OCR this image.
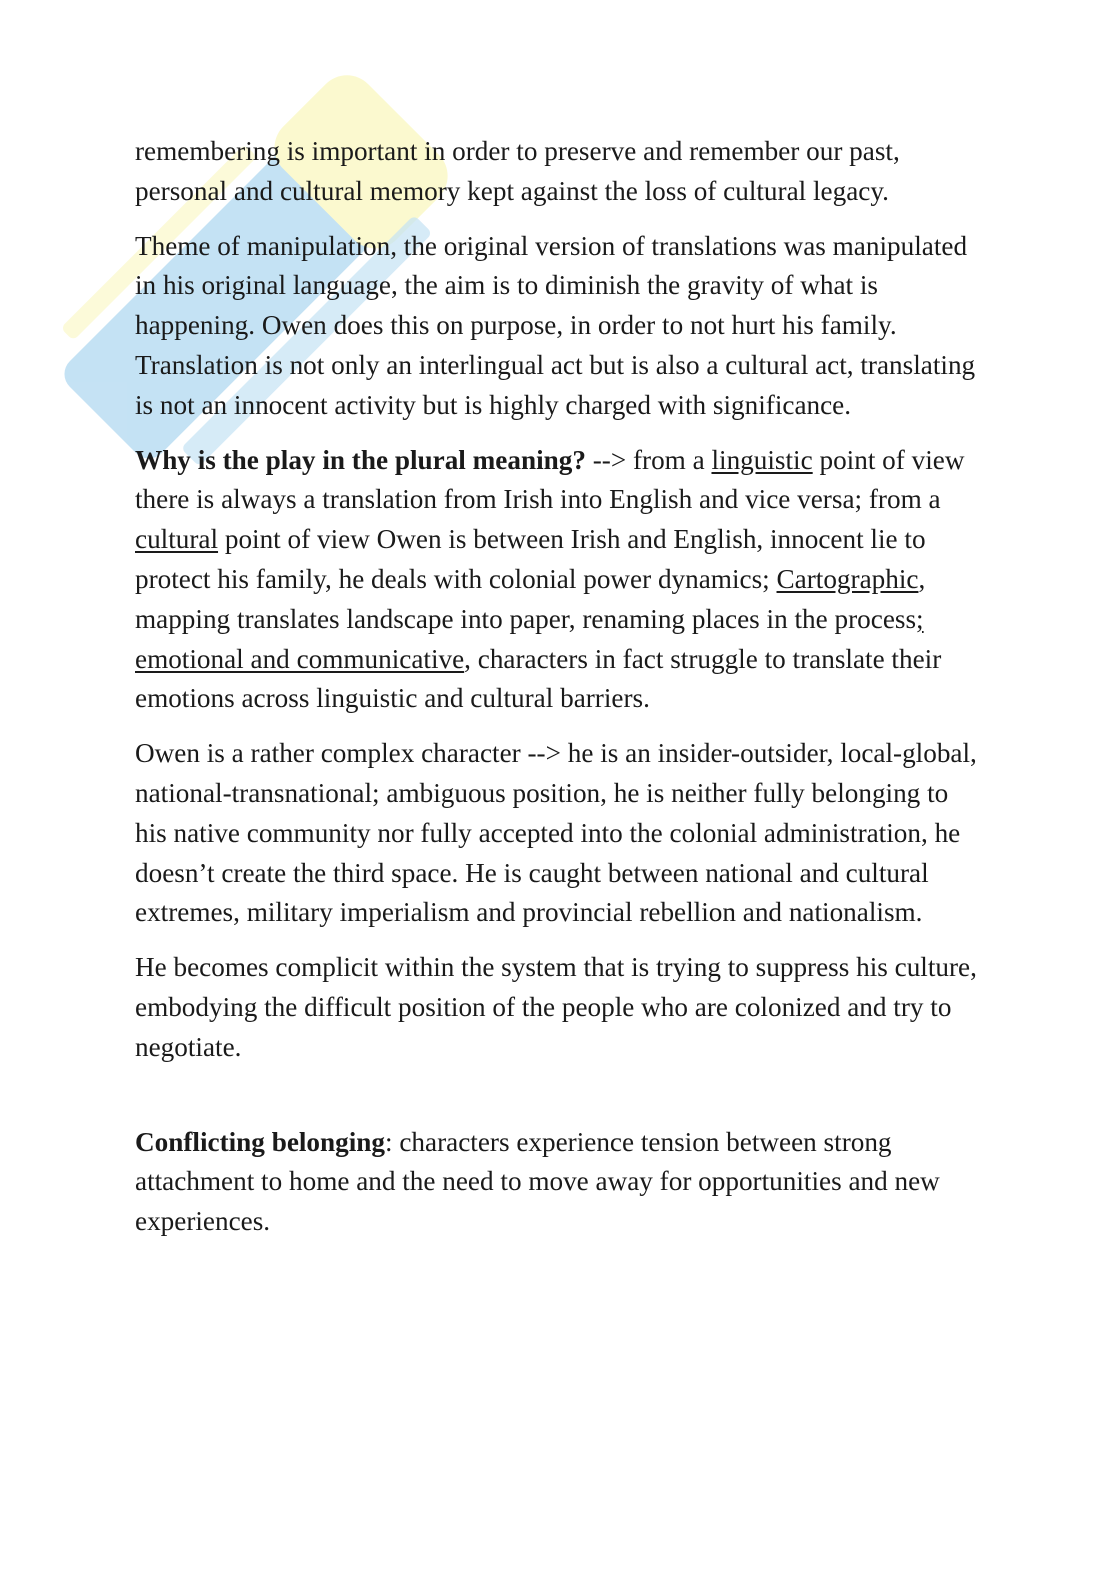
remembering is important in order to preserve and remember our past, personal and cultural memory kept against the loss of cultural legacy.

Theme of manipulation, the original version of translations was manipulated in his original language, the aim is to diminish the gravity of what is happening. Owen does this on purpose, in order to not hurt his family. Translation is not only an interlingual act but is also a cultural act, translating is not an innocent activity but is highly charged with significance.

Why is the play in the plural meaning? --> from a linguistic point of view there is always a translation from Irish into English and vice versa; from a cultural point of view Owen is between Irish and English, innocent lie to protect his family, he deals with colonial power dynamics; Cartographic, mapping translates landscape into paper, renaming places in the process; emotional and communicative, characters in fact struggle to translate their emotions across linguistic and cultural barriers.

Owen is a rather complex character --> he is an insider-outsider, local-global, national-transnational; ambiguous position, he is neither fully belonging to his native community nor fully accepted into the colonial administration, he doesn’t create the third space. He is caught between national and cultural extremes, military imperialism and provincial rebellion and nationalism.

He becomes complicit within the system that is trying to suppress his culture, embodying the difficult position of the people who are colonized and try to negotiate.

Conflicting belonging: characters experience tension between strong attachment to home and the need to move away for opportunities and new experiences.
